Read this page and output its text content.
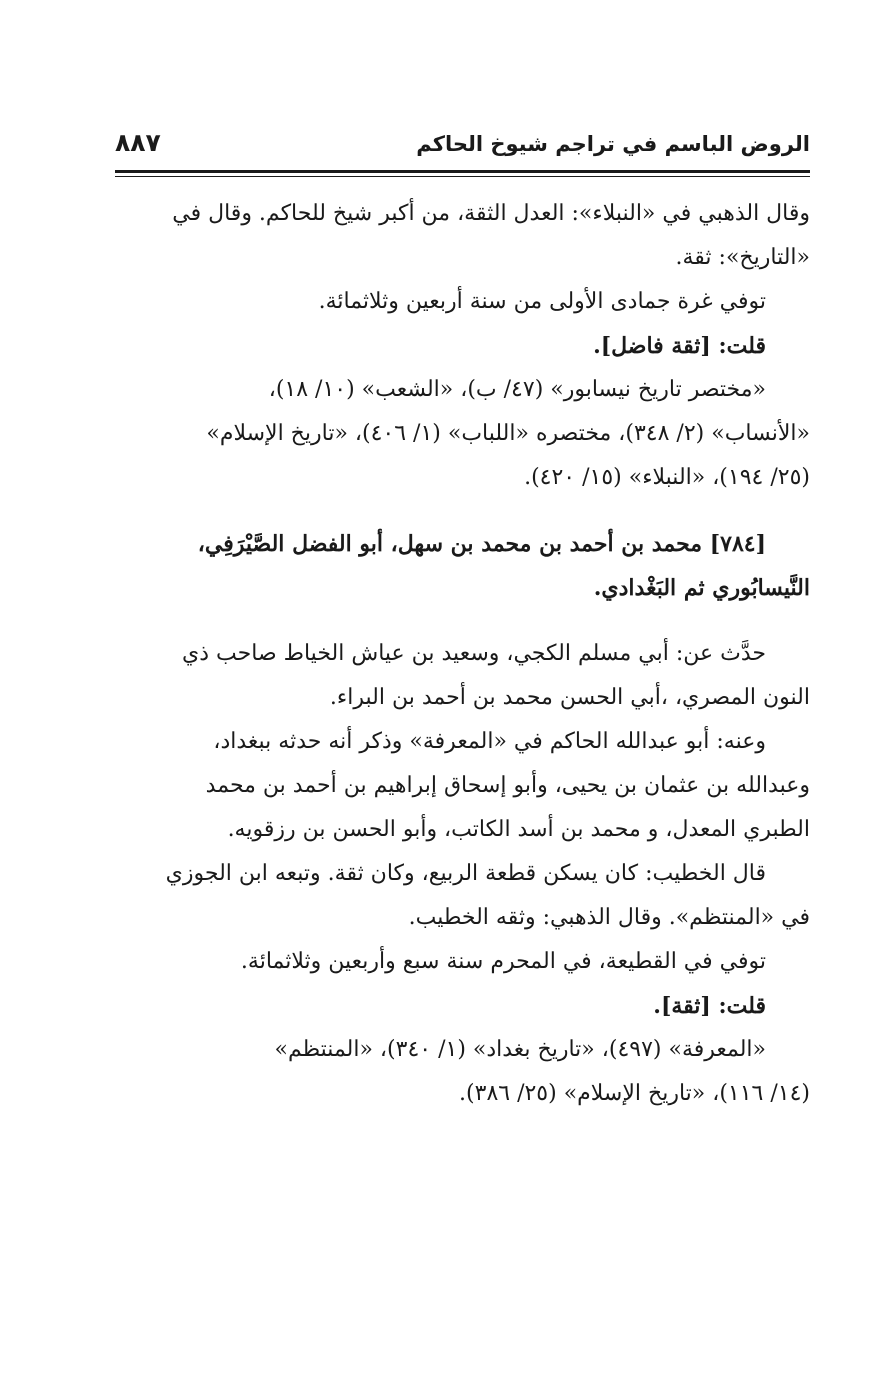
الروض الباسم في تراجم شيوخ الحاكم
٨٨٧
وقال الذهبي في «النبلاء»: العدل الثقة، من أكبر شيخ للحاكم. وقال في
«التاريخ»: ثقة.
توفي غرة جمادى الأولى من سنة أربعين وثلاثمائة.
قلت: [ثقة فاضل].
«مختصر تاريخ نيسابور» (٤٧/ ب)، «الشعب» (١٠/ ١٨)،
«الأنساب» (٢/ ٣٤٨)، مختصره «اللباب» (١/ ٤٠٦)، «تاريخ الإسلام»
(٢٥/ ١٩٤)، «النبلاء» (١٥/ ٤٢٠).
[٧٨٤] محمد بن أحمد بن محمد بن سهل، أبو الفضل الصَّيْرَفِي،
النَّيسابُوري ثم البَغْدادي.
حدَّث عن: أبي مسلم الكجي، وسعيد بن عياش الخياط صاحب ذي
النون المصري، ،أبي الحسن محمد بن أحمد بن البراء.
وعنه: أبو عبدالله الحاكم في «المعرفة» وذكر أنه حدثه ببغداد،
وعبدالله بن عثمان بن يحيى، وأبو إسحاق إبراهيم بن أحمد بن محمد
الطبري المعدل، و محمد بن أسد الكاتب، وأبو الحسن بن رزقويه.
قال الخطيب: كان يسكن قطعة الربيع، وكان ثقة. وتبعه ابن الجوزي
في «المنتظم». وقال الذهبي: وثقه الخطيب.
توفي في القطيعة، في المحرم سنة سبع وأربعين وثلاثمائة.
قلت: [ثقة].
«المعرفة» (٤٩٧)، «تاريخ بغداد» (١/ ٣٤٠)، «المنتظم»
(١٤/ ١١٦)، «تاريخ الإسلام» (٢٥/ ٣٨٦).
